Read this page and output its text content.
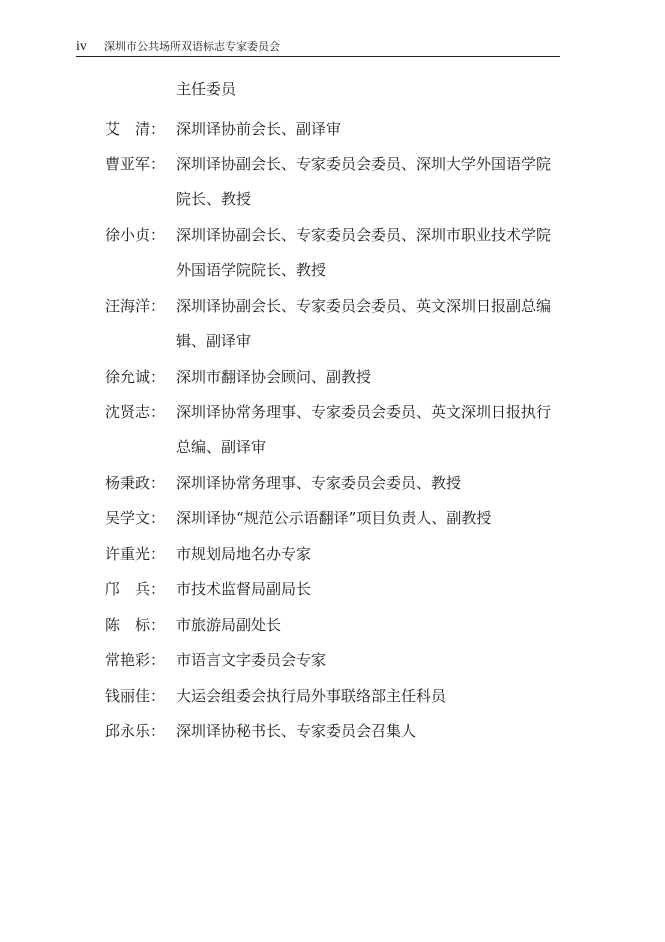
iv 深圳市公共场所双语标志专家委员会
主任委员
艾　清： 深圳译协前会长、副译审
曹亚军： 深圳译协副会长、专家委员会委员、深圳大学外国语学院院长、教授
徐小贞： 深圳译协副会长、专家委员会委员、深圳市职业技术学院外国语学院院长、教授
汪海洋： 深圳译协副会长、专家委员会委员、英文深圳日报副总编辑、副译审
徐允诚： 深圳市翻译协会顾问、副教授
沈贤志： 深圳译协常务理事、专家委员会委员、英文深圳日报执行总编、副译审
杨秉政： 深圳译协常务理事、专家委员会委员、教授
吴学文： 深圳译协“规范公示语翻译”项目负责人、副教授
许重光： 市规划局地名办专家
邝　兵： 市技术监督局副局长
陈　标： 市旅游局副处长
常艳彩： 市语言文字委员会专家
钱丽佳： 大运会组委会执行局外事联络部主任科员
邱永乐： 深圳译协秘书长、专家委员会召集人
